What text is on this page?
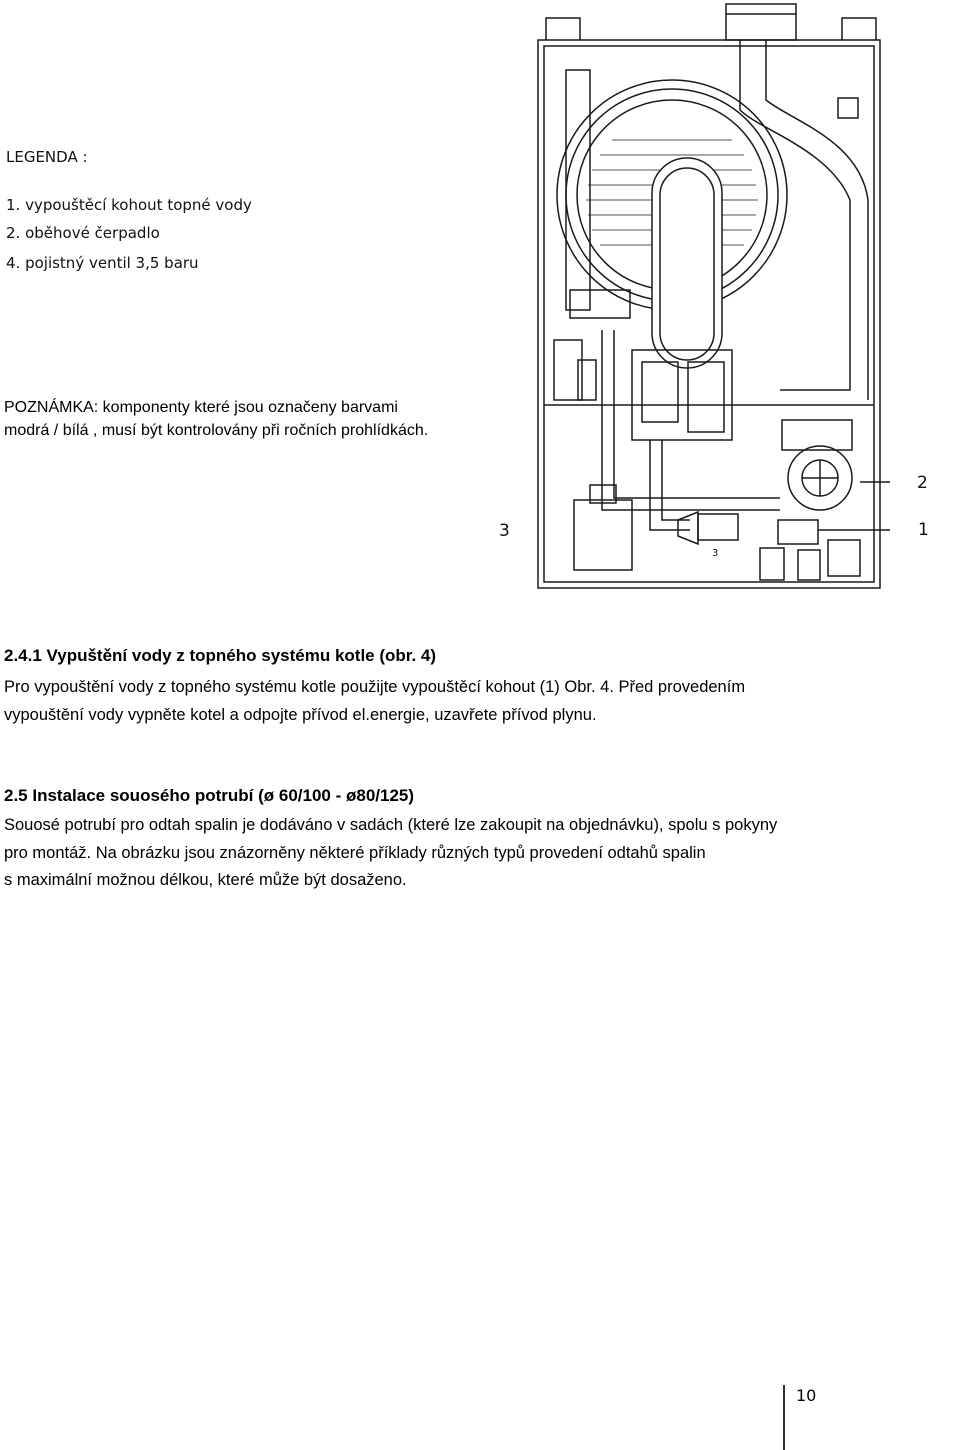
LEGENDA :
1. vypouštěcí kohout topné vody
2. oběhové čerpadlo
4. pojistný ventil 3,5 baru
POZNÁMKA: komponenty které jsou označeny barvami modrá / bílá , musí být kontrolovány při ročních prohlídkách.
3
3
2
1
2.4.1 Vypuštění vody z topného systému kotle (obr. 4)
Pro vypouštění vody z topného systému kotle použijte vypouštěcí kohout (1) Obr. 4. Před provedením
vypouštění vody vypněte kotel a odpojte přívod el.energie, uzavřete přívod plynu.
2.5 Instalace souosého potrubí (ø 60/100 - ø80/125)
Souosé potrubí pro odtah spalin je dodáváno v sadách (které lze zakoupit na objednávku), spolu s pokyny
pro montáž. Na obrázku jsou znázorněny některé příklady různých typů provedení odtahů spalin
s maximální možnou délkou, které může být dosaženo.
10
